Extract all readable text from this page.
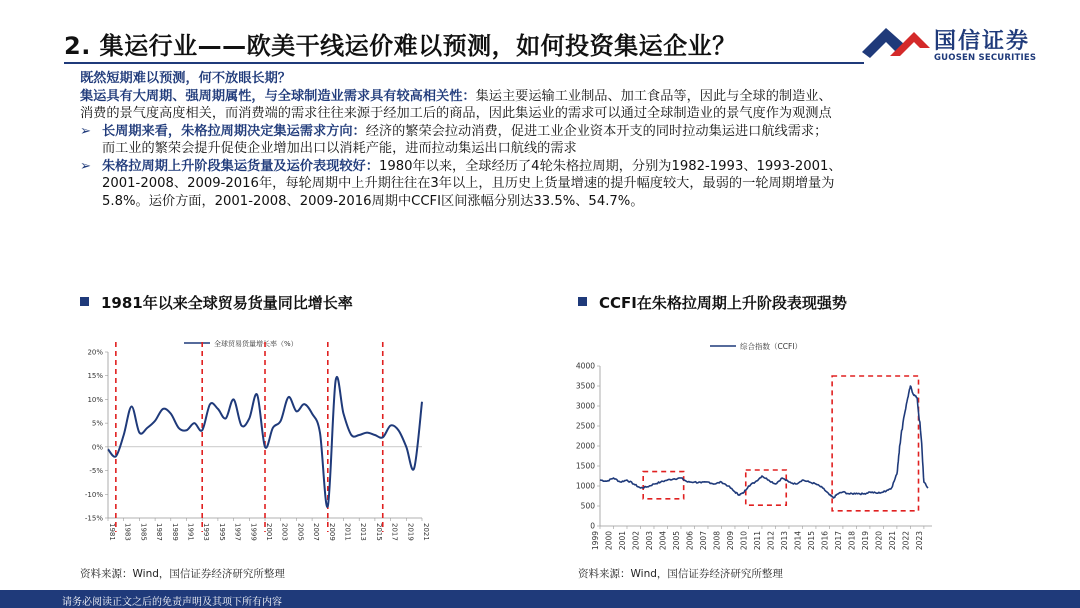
2. 集运行业——欧美干线运价难以预测，如何投资集运企业？	国信证券
GUOSEN SECURITIES
既然短期难以预测，何不放眼长期？
集运具有大周期、强周期属性，与全球制造业需求具有较高相关性：集运主要运输工业制品、加工食品等，因此与全球的制造业、
消费的景气度高度相关，而消费端的需求往往来源于经加工后的商品，因此集运业的需求可以通过全球制造业的景气度作为观测点
➢ 长周期来看，朱格拉周期决定集运需求方向：经济的繁荣会拉动消费，促进工业企业资本开支的同时拉动集运进口航线需求；
而工业的繁荣会提升促使企业增加出口以消耗产能，进而拉动集运出口航线的需求
➢ 朱格拉周期上升阶段集运货量及运价表现较好：1980年以来，全球经历了4轮朱格拉周期，分别为1982-1993、1993-2001、
2001-2008、2009-2016年，每轮周期中上升期往往在3年以上，且历史上货量增速的提升幅度较大，最弱的一轮周期增量为
5.8%。运价方面，2001-2008、2009-2016周期中CCFI区间涨幅分别达33.5%、54.7%。
1981年以来全球贸易货量同比增长率	CCFI在朱格拉周期上升阶段表现强势
全球贸易货量增长率（%）
20%
15%
10%
5%
0%
-5%
-10%
-15%
1981 1983 1985 1987 1989 1991 1993 1995 1997 1999 2001 2003 2005 2007 2009 2011 2013 2015 2017 2019 2021
综合指数（CCFI）
4000
3500
3000
2500
2000
1500
1000
500
0
1999 2000 2001 2002 2003 2004 2005 2006 2007 2008 2009 2010 2011 2012 2013 2014 2015 2016 2017 2018 2019 2020 2021 2022 2023
资料来源：Wind，国信证券经济研究所整理	资料来源：Wind，国信证券经济研究所整理
请务必阅读正文之后的免责声明及其项下所有内容
